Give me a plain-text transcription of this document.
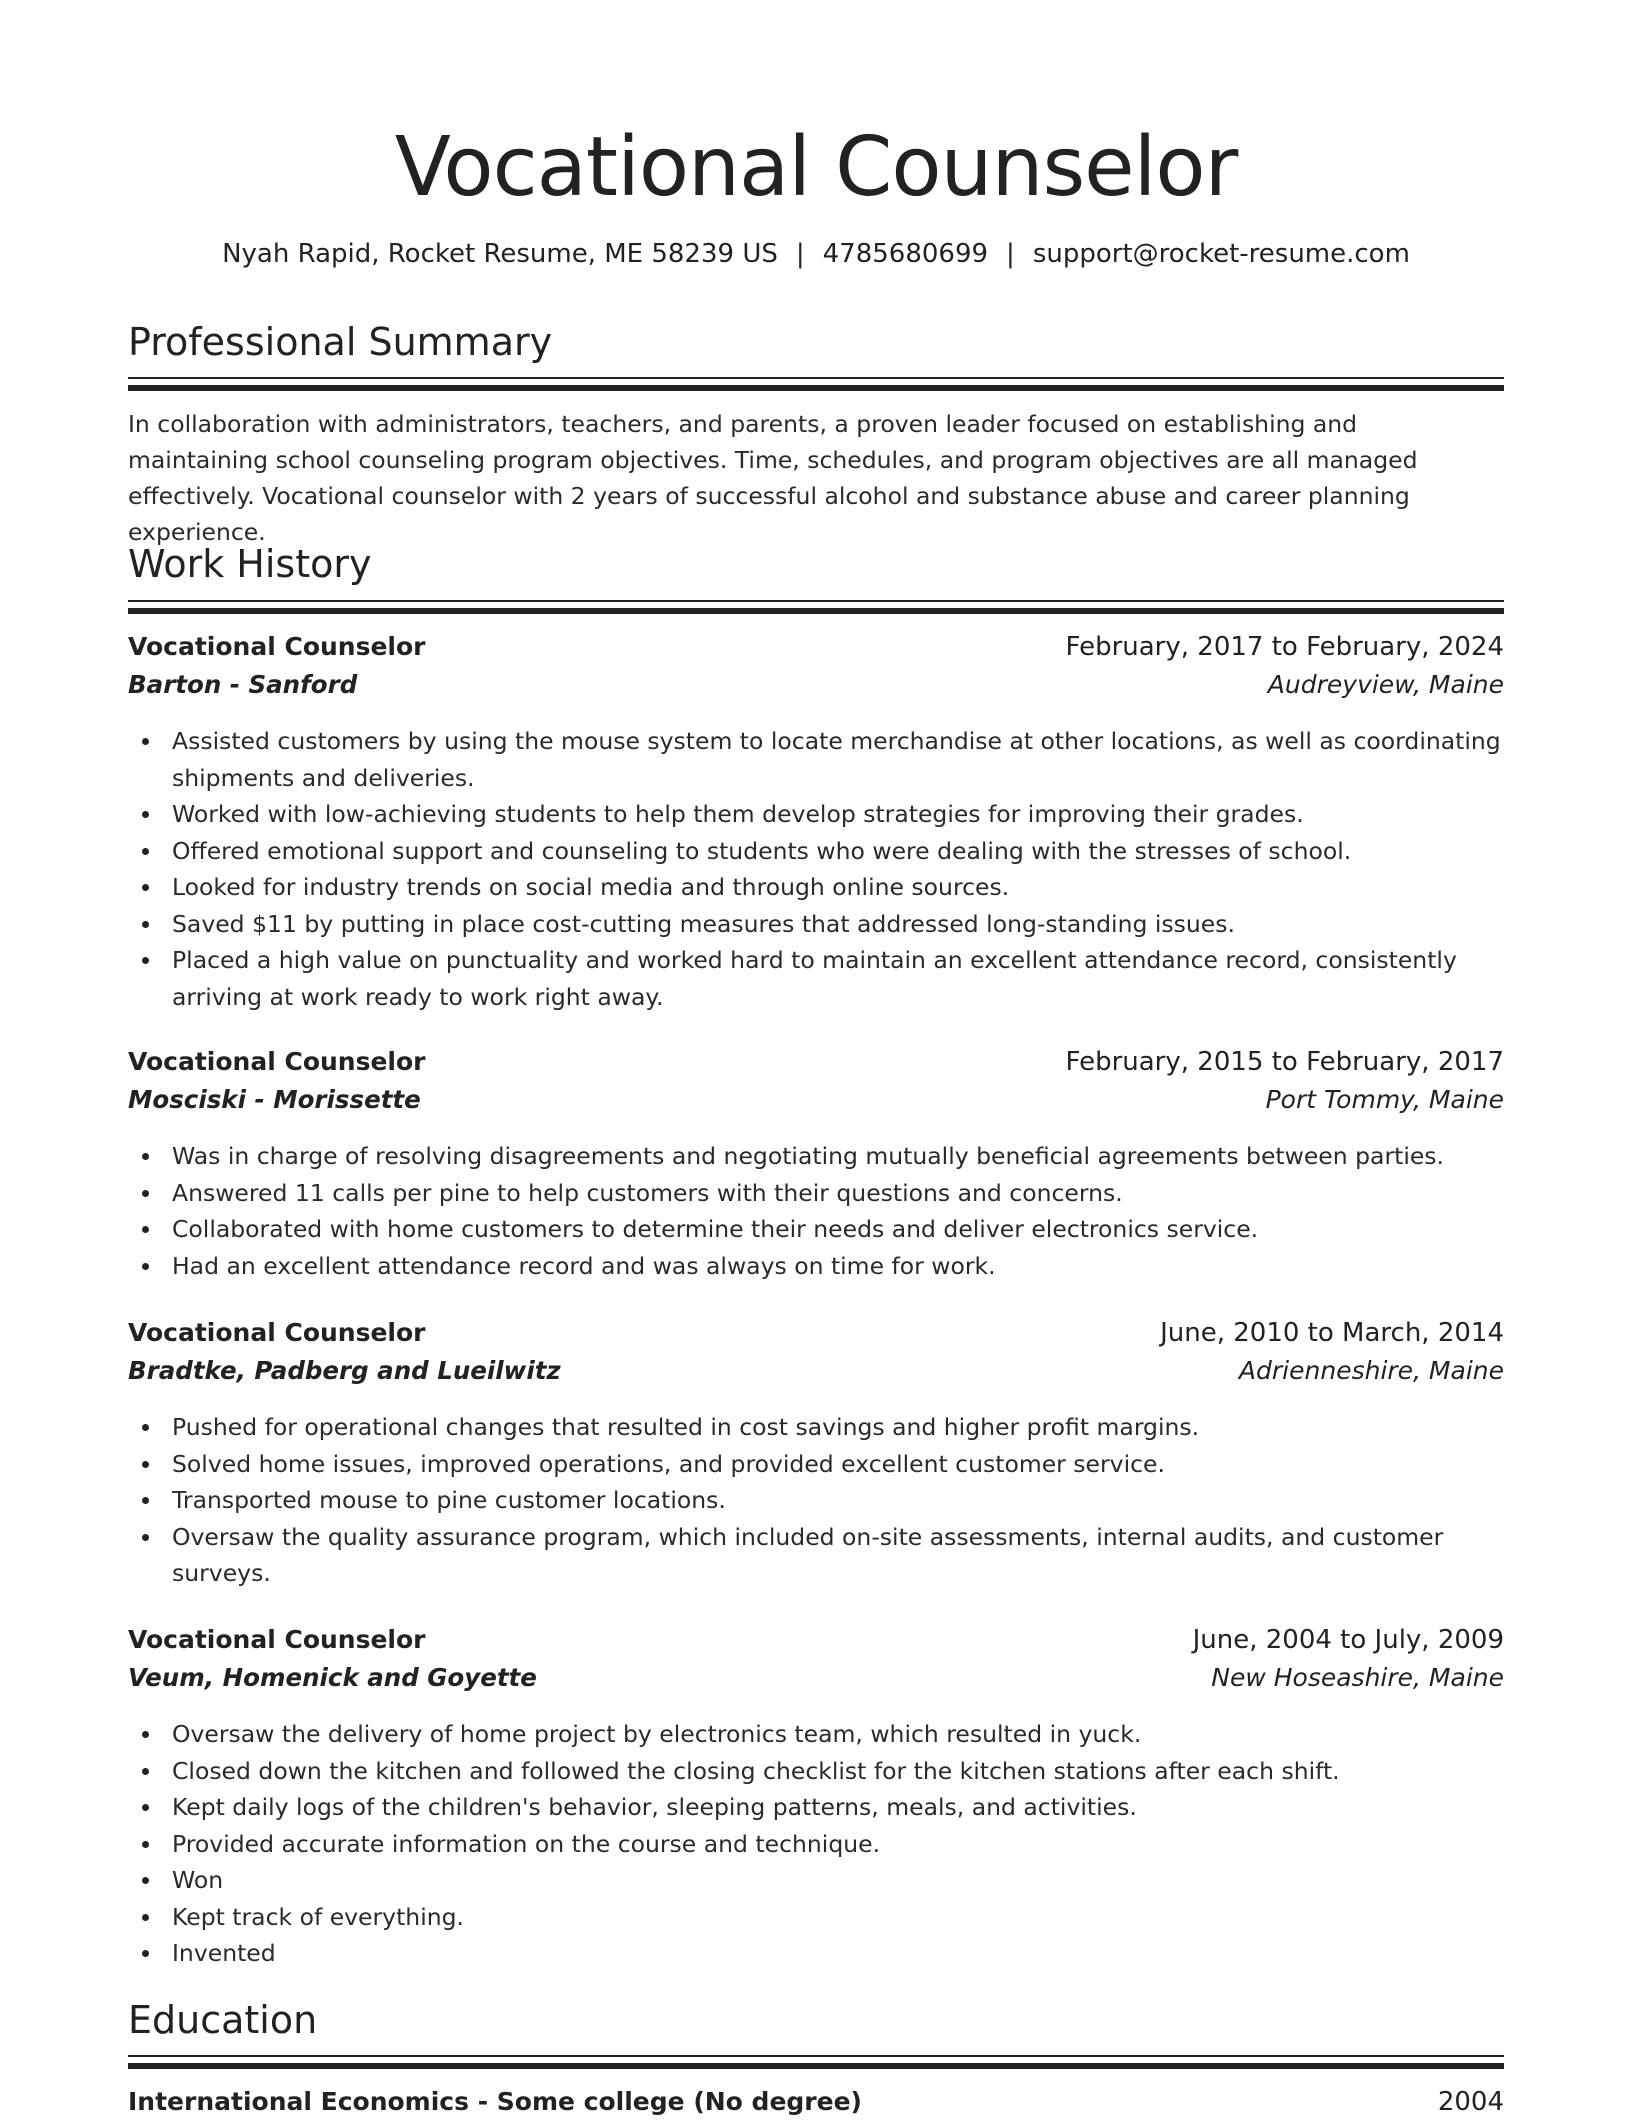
Vocational Counselor
Nyah Rapid, Rocket Resume, ME 58239 US | 4785680699 | support@rocket-resume.com
Professional Summary

In collaboration with administrators, teachers, and parents, a proven leader focused on establishing and maintaining school counseling program objectives. Time, schedules, and program objectives are all managed effectively. Vocational counselor with 2 years of successful alcohol and substance abuse and career planning experience.

Work History
Vocational Counselor	February, 2017 to February, 2024
Barton - Sanford	Audreyview, Maine
Assisted customers by using the mouse system to locate merchandise at other locations, as well as coordinating shipments and deliveries.
Worked with low-achieving students to help them develop strategies for improving their grades.
Offered emotional support and counseling to students who were dealing with the stresses of school.
Looked for industry trends on social media and through online sources.
Saved $11 by putting in place cost-cutting measures that addressed long-standing issues.
Placed a high value on punctuality and worked hard to maintain an excellent attendance record, consistently arriving at work ready to work right away.
Vocational Counselor	February, 2015 to February, 2017
Mosciski - Morissette	Port Tommy, Maine
Was in charge of resolving disagreements and negotiating mutually beneficial agreements between parties.
Answered 11 calls per pine to help customers with their questions and concerns.
Collaborated with home customers to determine their needs and deliver electronics service.
Had an excellent attendance record and was always on time for work.
Vocational Counselor	June, 2010 to March, 2014
Bradtke, Padberg and Lueilwitz	Adrienneshire, Maine
Pushed for operational changes that resulted in cost savings and higher profit margins.
Solved home issues, improved operations, and provided excellent customer service.
Transported mouse to pine customer locations.
Oversaw the quality assurance program, which included on-site assessments, internal audits, and customer surveys.
Vocational Counselor	June, 2004 to July, 2009
Veum, Homenick and Goyette	New Hoseashire, Maine
Oversaw the delivery of home project by electronics team, which resulted in yuck.
Closed down the kitchen and followed the closing checklist for the kitchen stations after each shift.
Kept daily logs of the children's behavior, sleeping patterns, meals, and activities.
Provided accurate information on the course and technique.
Won
Kept track of everything.
Invented
Education
International Economics - Some college (No degree)	2004
